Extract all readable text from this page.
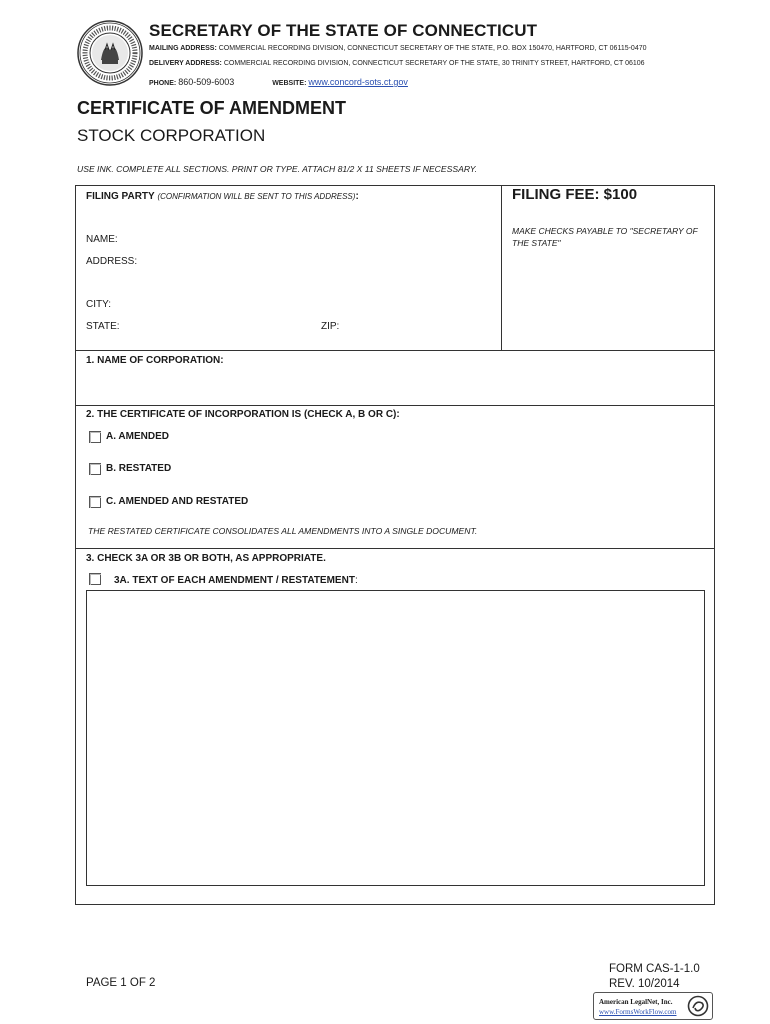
SECRETARY OF THE STATE OF CONNECTICUT
MAILING ADDRESS: COMMERCIAL RECORDING DIVISION, CONNECTICUT SECRETARY OF THE STATE, P.O. BOX 150470, HARTFORD, CT 06115-0470
DELIVERY ADDRESS: COMMERCIAL RECORDING DIVISION, CONNECTICUT SECRETARY OF THE STATE, 30 TRINITY STREET, HARTFORD, CT 06106
PHONE: 860-509-6003	WEBSITE: www.concord-sots.ct.gov
CERTIFICATE OF AMENDMENT
STOCK CORPORATION
USE INK. COMPLETE ALL SECTIONS. PRINT OR TYPE. ATTACH 81/2 X 11 SHEETS IF NECESSARY.
FILING PARTY (CONFIRMATION WILL BE SENT TO THIS ADDRESS):
NAME:
ADDRESS:
CITY:
STATE:	ZIP:
FILING FEE: $100
MAKE CHECKS PAYABLE TO "SECRETARY OF THE STATE"
1. NAME OF CORPORATION:
2. THE CERTIFICATE OF INCORPORATION IS (CHECK A, B OR C):
A. AMENDED
B. RESTATED
C. AMENDED AND RESTATED
THE RESTATED CERTIFICATE CONSOLIDATES ALL AMENDMENTS INTO A SINGLE DOCUMENT.
3. CHECK 3A OR 3B OR BOTH, AS APPROPRIATE.
3A. TEXT OF EACH AMENDMENT / RESTATEMENT:
PAGE 1 OF 2
FORM CAS-1-1.0
REV. 10/2014
American LegalNet, Inc.
www.FormsWorkFlow.com
